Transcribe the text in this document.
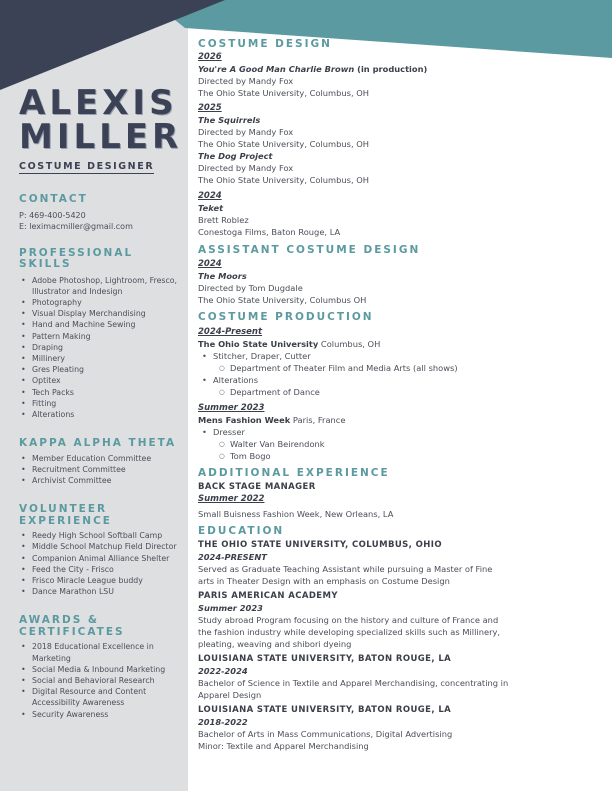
ALEXIS
MILLER
COSTUME DESIGNER
CONTACT
P: 469-400-5420
E: leximacmiller@gmail.com
PROFESSIONAL SKILLS
• Adobe Photoshop, Lightroom, Fresco, Illustrator and Indesign
• Photography
• Visual Display Merchandising
• Hand and Machine Sewing
• Pattern Making
• Draping
• Millinery
• Gres Pleating
• Optitex
• Tech Packs
• Fitting
• Alterations
KAPPA ALPHA THETA
• Member Education Committee
• Recruitment Committee
• Archivist Committee
VOLUNTEER
EXPERIENCE
• Reedy High School Softball Camp
• Middle School Matchup Field Director
• Companion Animal Alliance Shelter
• Feed the City - Frisco
• Frisco Miracle League buddy
• Dance Marathon LSU
AWARDS &
CERTIFICATES
• 2018 Educational Excellence in Marketing
• Social Media & Inbound Marketing
• Social and Behavioral Research
• Digital Resource and Content Accessibility Awareness
• Security Awareness
COSTUME DESIGN
2026
You're A Good Man Charlie Brown (in production)
Directed by Mandy Fox
The Ohio State University, Columbus, OH
2025
The Squirrels
Directed by Mandy Fox
The Ohio State University, Columbus, OH
The Dog Project
Directed by Mandy Fox
The Ohio State University, Columbus, OH
2024
Teket
Brett Roblez
Conestoga Films, Baton Rouge, LA
ASSISTANT COSTUME DESIGN
2024
The Moors
Directed by Tom Dugdale
The Ohio State University, Columbus OH
COSTUME PRODUCTION
2024-Present
The Ohio State University Columbus, OH
• Stitcher, Draper, Cutter
○ Department of Theater Film and Media Arts (all shows)
• Alterations
○ Department of Dance
Summer 2023
Mens Fashion Week Paris, France
• Dresser
○ Walter Van Beirendonk
○ Tom Bogo
ADDITIONAL EXPERIENCE
BACK STAGE MANAGER
Summer 2022
Small Buisness Fashion Week, New Orleans, LA
EDUCATION
THE OHIO STATE UNIVERSITY, COLUMBUS, OHIO
2024-PRESENT
Served as Graduate Teaching Assistant while pursuing a Master of Fine
arts in Theater Design with an emphasis on Costume Design
PARIS AMERICAN ACADEMY
Summer 2023
Study abroad Program focusing on the history and culture of France and
the fashion industry while developing specialized skills such as Millinery,
pleating, weaving and shibori dyeing
LOUISIANA STATE UNIVERSITY, BATON ROUGE, LA
2022-2024
Bachelor of Science in Textile and Apparel Merchandising, concentrating in
Apparel Design
LOUISIANA STATE UNIVERSITY, BATON ROUGE, LA
2018-2022
Bachelor of Arts in Mass Communications, Digital Advertising
Minor: Textile and Apparel Merchandising
